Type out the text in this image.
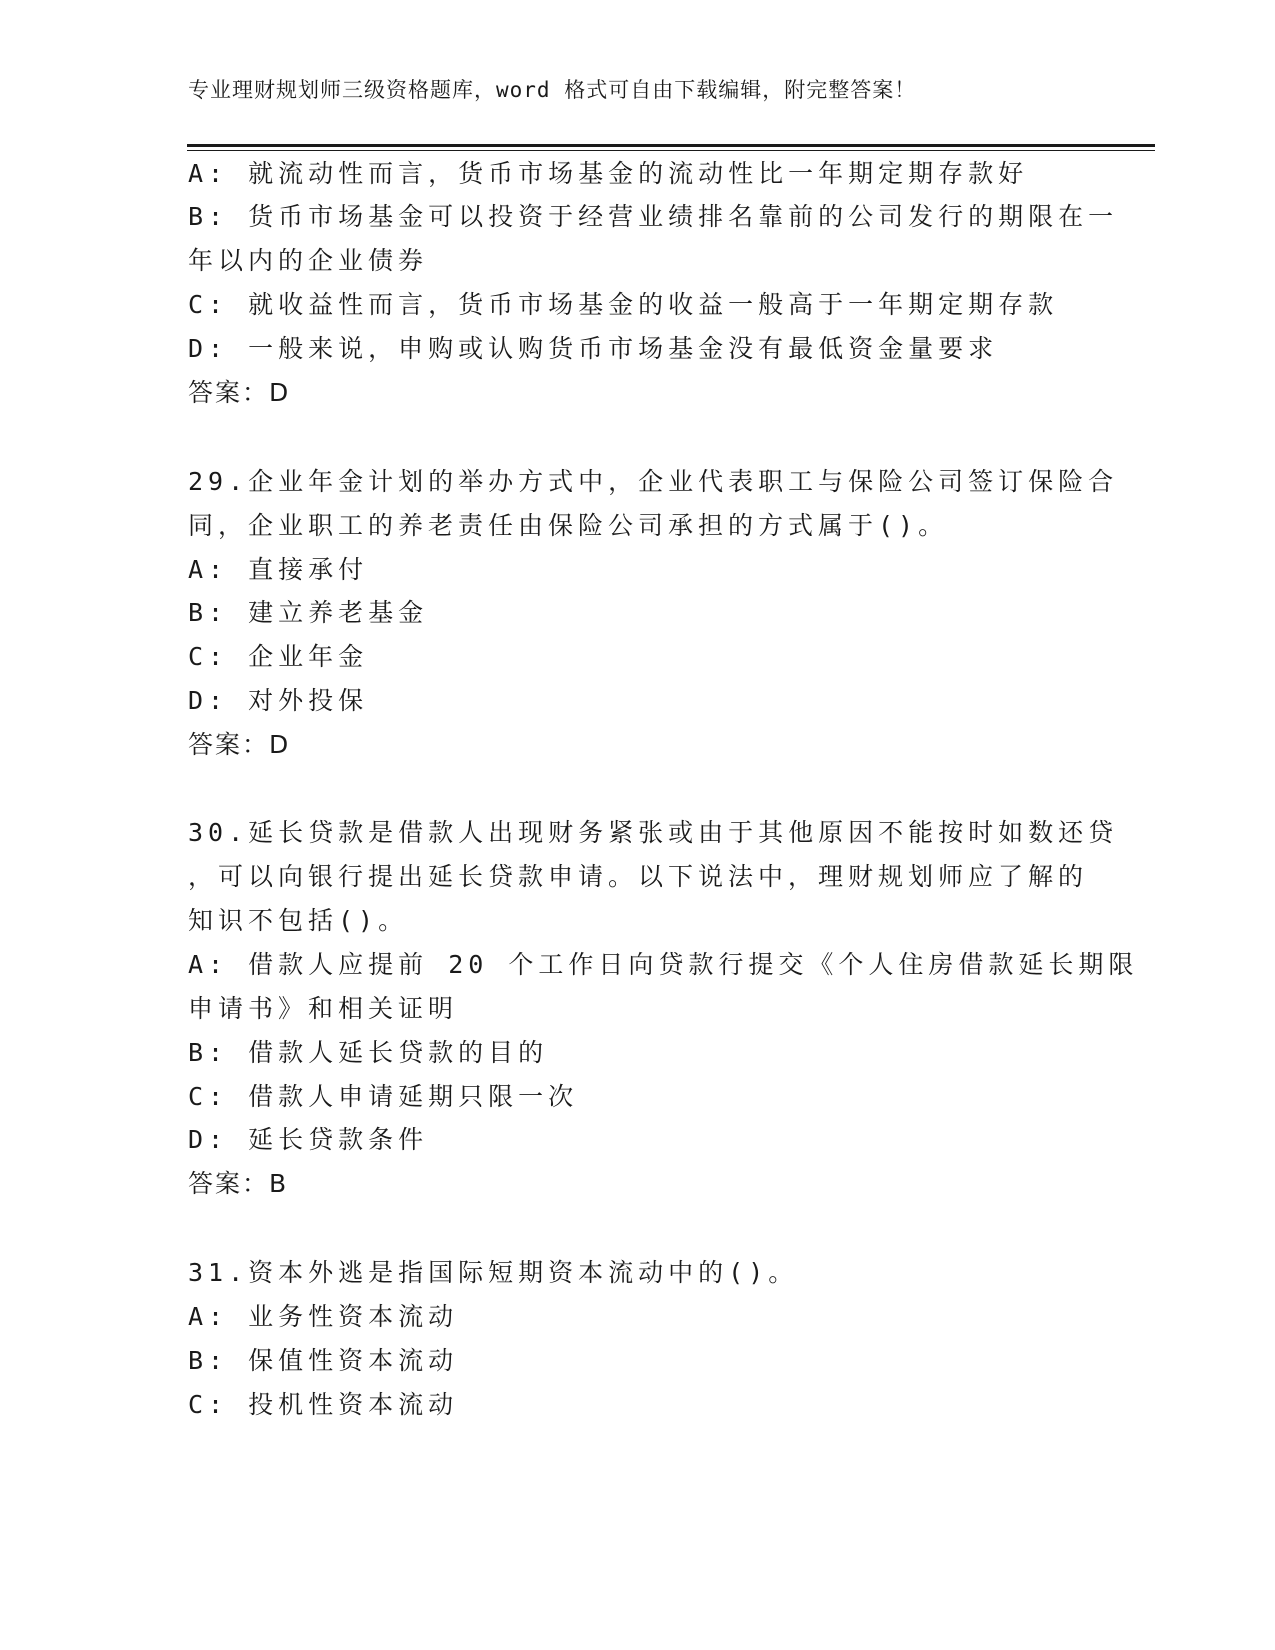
专业理财规划师三级资格题库，word 格式可自由下载编辑，附完整答案！
A: 就流动性而言，货币市场基金的流动性比一年期定期存款好
B: 货币市场基金可以投资于经营业绩排名靠前的公司发行的期限在一
年以内的企业债券
C: 就收益性而言，货币市场基金的收益一般高于一年期定期存款
D: 一般来说，申购或认购货币市场基金没有最低资金量要求
答案：D
29.企业年金计划的举办方式中，企业代表职工与保险公司签订保险合
同，企业职工的养老责任由保险公司承担的方式属于()。
A: 直接承付
B: 建立养老基金
C: 企业年金
D: 对外投保
答案：D
30.延长贷款是借款人出现财务紧张或由于其他原因不能按时如数还贷
，可以向银行提出延长贷款申请。以下说法中，理财规划师应了解的
知识不包括()。
A: 借款人应提前 20 个工作日向贷款行提交《个人住房借款延长期限
申请书》和相关证明
B: 借款人延长贷款的目的
C: 借款人申请延期只限一次
D: 延长贷款条件
答案：B
31.资本外逃是指国际短期资本流动中的()。
A: 业务性资本流动
B: 保值性资本流动
C: 投机性资本流动
